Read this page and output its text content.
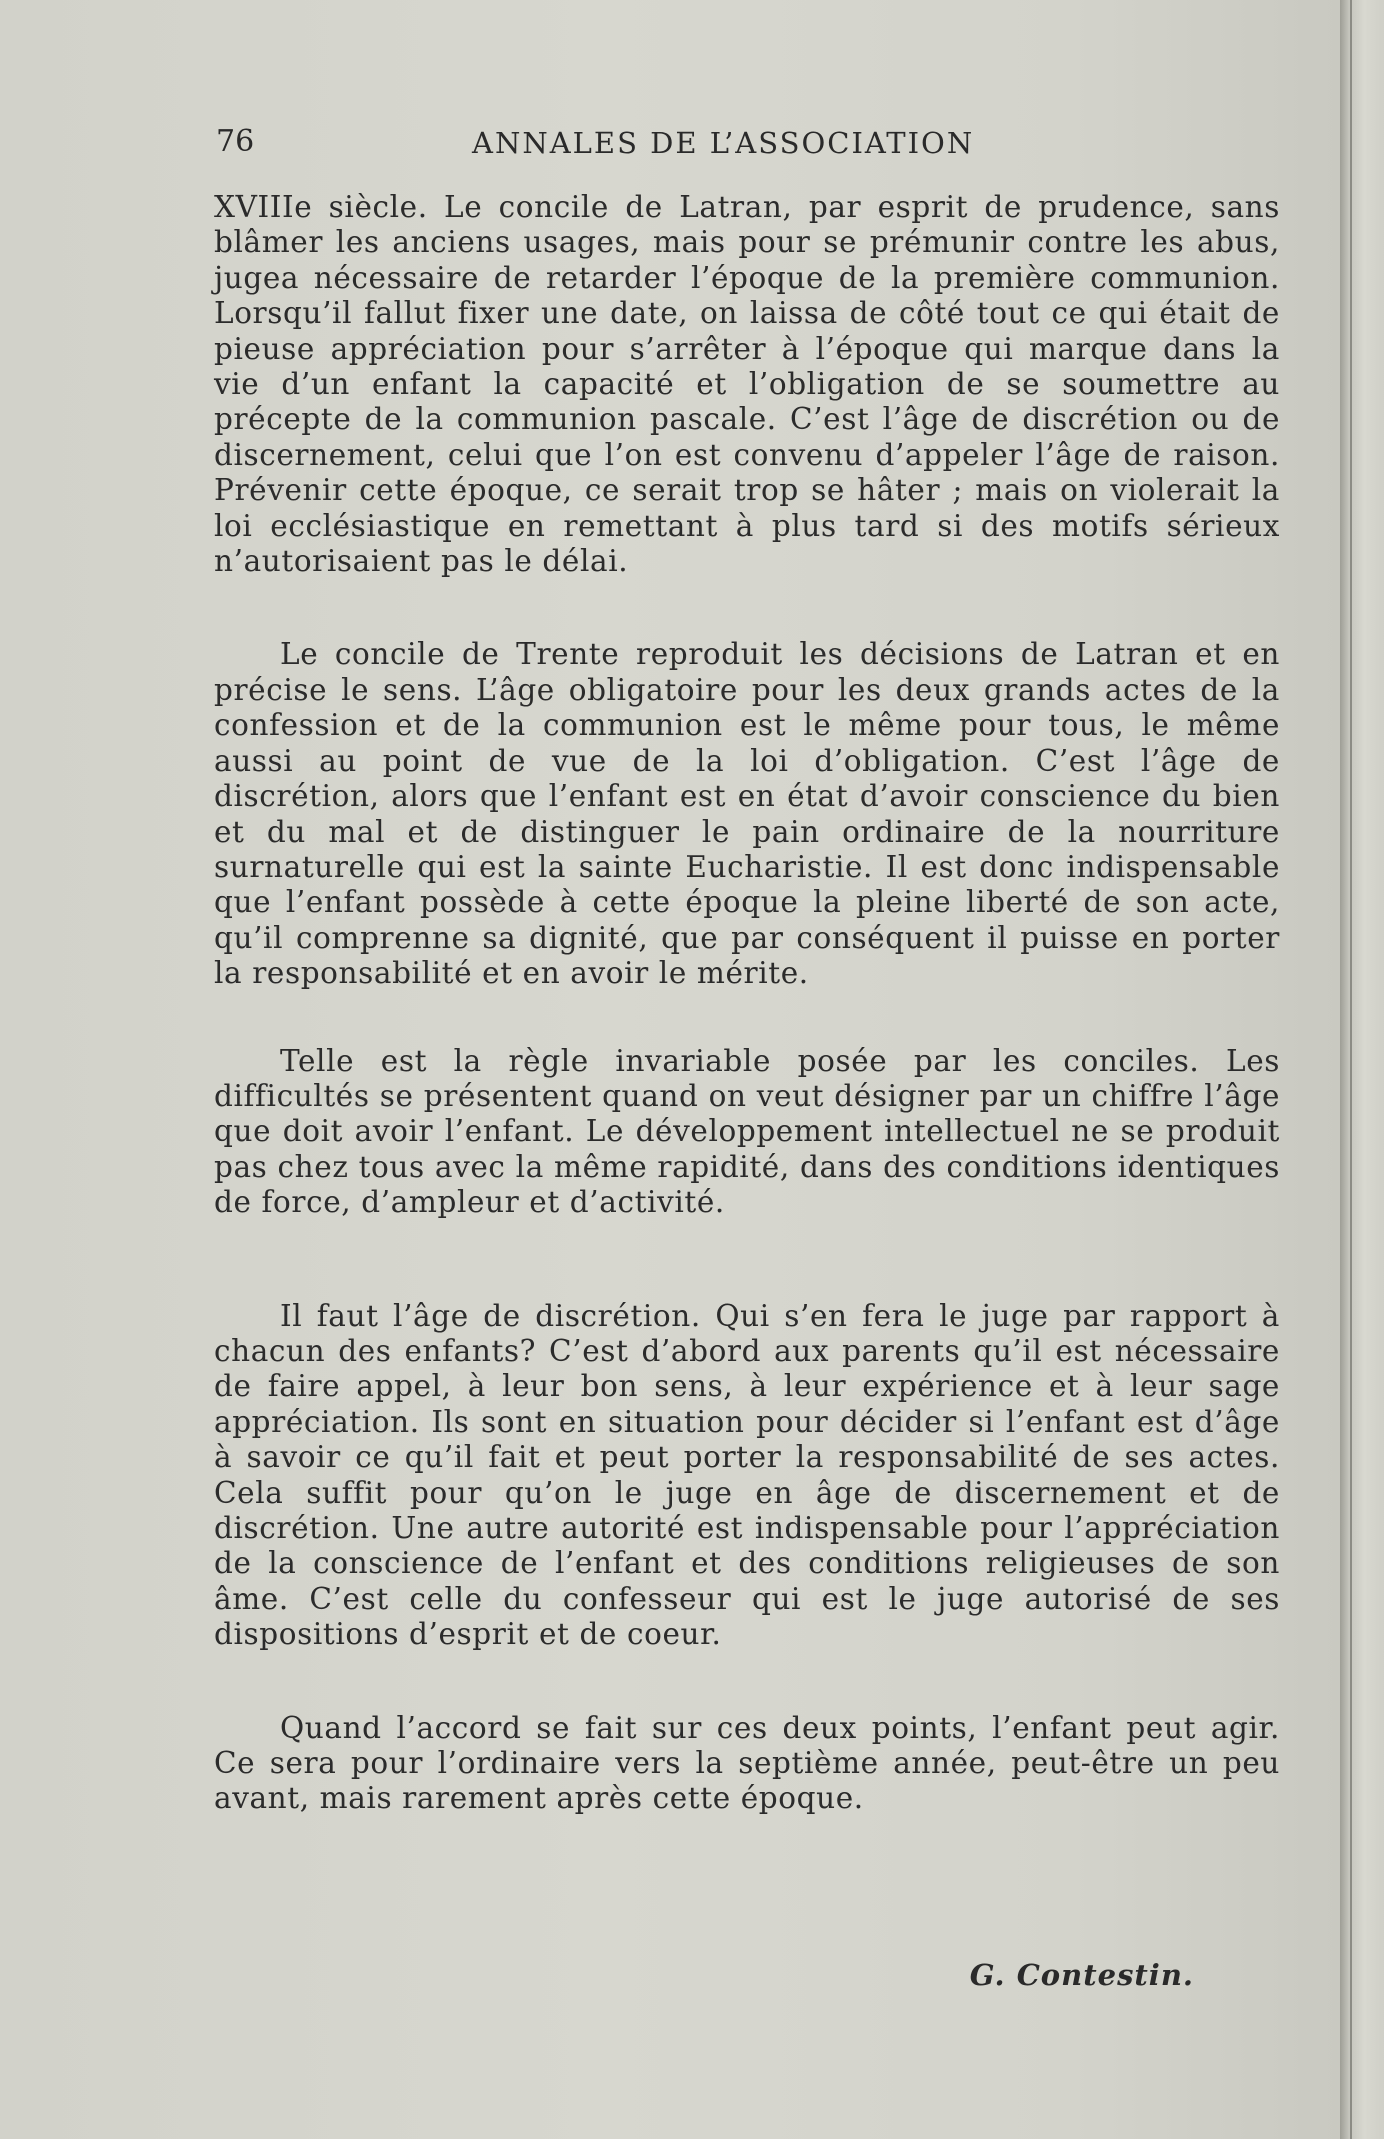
76	ANNALES DE L’ASSOCIATION

XVIIIe siècle. Le concile de Latran, par esprit de prudence, sans blâmer les anciens usages, mais pour se prémunir contre les abus, jugea nécessaire de retarder l’époque de la première communion. Lorsqu’il fallut fixer une date, on laissa de côté tout ce qui était de pieuse appréciation pour s’arrêter à l’époque qui marque dans la vie d’un enfant la capacité et l’obligation de se soumettre au précepte de la communion pascale. C’est l’âge de discrétion ou de discernement, celui que l’on est convenu d’appeler l’âge de raison. Prévenir cette époque, ce serait trop se hâter ; mais on violerait la loi ecclésiastique en remettant à plus tard si des motifs sérieux n’autorisaient pas le délai.

Le concile de Trente reproduit les décisions de Latran et en précise le sens. L’âge obligatoire pour les deux grands actes de la confession et de la communion est le même pour tous, le même aussi au point de vue de la loi d’obligation. C’est l’âge de discrétion, alors que l’enfant est en état d’avoir conscience du bien et du mal et de distinguer le pain ordinaire de la nourriture surnaturelle qui est la sainte Eucharistie. Il est donc indispensable que l’enfant possède à cette époque la pleine liberté de son acte, qu’il comprenne sa dignité, que par conséquent il puisse en porter la responsabilité et en avoir le mérite.

Telle est la règle invariable posée par les conciles. Les difficultés se présentent quand on veut désigner par un chiffre l’âge que doit avoir l’enfant. Le développement intellectuel ne se produit pas chez tous avec la même rapidité, dans des conditions identiques de force, d’ampleur et d’activité.

Il faut l’âge de discrétion. Qui s’en fera le juge par rapport à chacun des enfants? C’est d’abord aux parents qu’il est nécessaire de faire appel, à leur bon sens, à leur expérience et à leur sage appréciation. Ils sont en situation pour décider si l’enfant est d’âge à savoir ce qu’il fait et peut porter la responsabilité de ses actes. Cela suffit pour qu’on le juge en âge de discernement et de discrétion. Une autre autorité est indispensable pour l’appréciation de la conscience de l’enfant et des conditions religieuses de son âme. C’est celle du confesseur qui est le juge autorisé de ses dispositions d’esprit et de coeur.

Quand l’accord se fait sur ces deux points, l’enfant peut agir. Ce sera pour l’ordinaire vers la septième année, peut-être un peu avant, mais rarement après cette époque.

G. Contestin.
